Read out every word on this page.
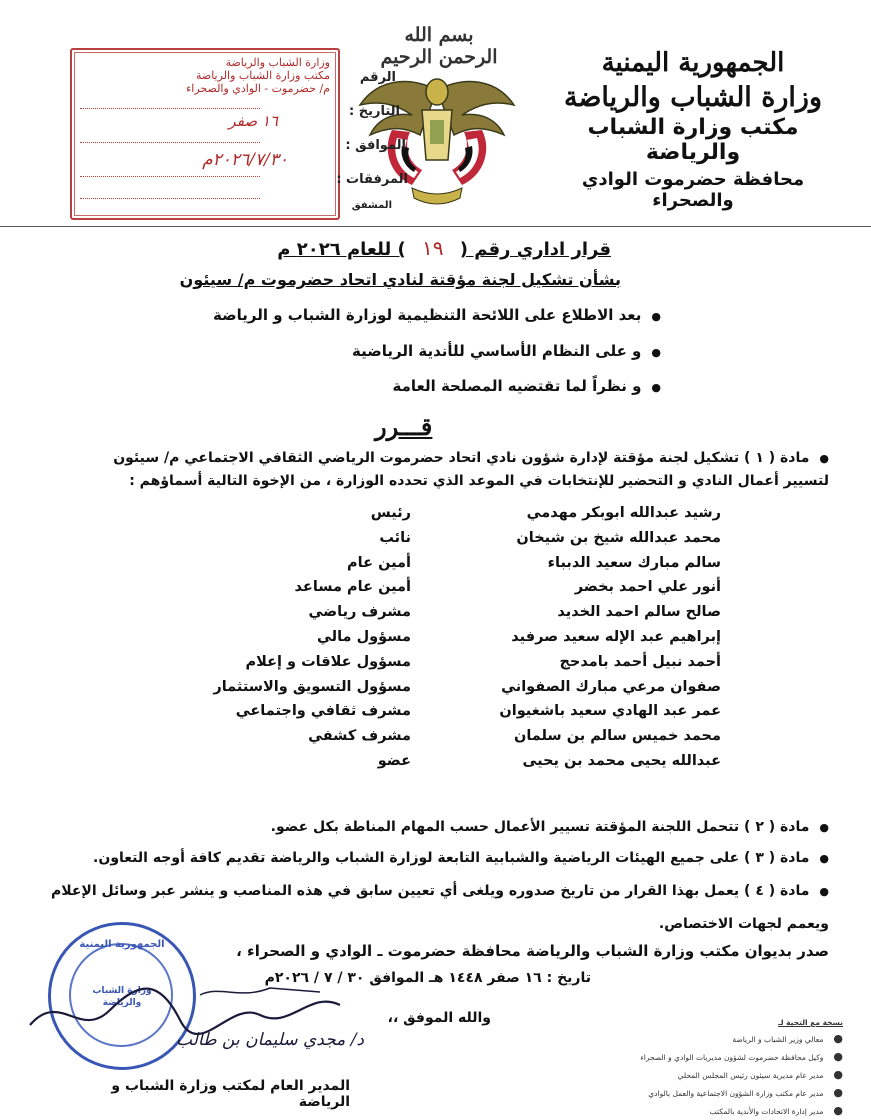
الجمهورية اليمنية
وزارة الشباب والرياضة
مكتب وزارة الشباب والرياضة
محافظة حضرموت الوادي والصحراء
بسم الله الرحمن الرحيم
وزارة الشباب والرياضة
مكتب وزارة الشباب والرياضة
م/ حضرموت - الوادي والصحراء
الرقم
التاريخ :
١٦ صفر
الموافق :
٢٠٢٦/٧/٣٠م
المرفقات :
المشفق
قرار اداري رقم ( ١٩ ) للعام ٢٠٢٦ م
بشأن تشكيل لجنة مؤقتة لنادي اتحاد حضرموت م/ سيئون
● بعد الاطلاع على اللائحة التنظيمية لوزارة الشباب و الرياضة
● و على النظام الأساسي للأندية الرياضية
● و نظراً لما تقتضيه المصلحة العامة
قـــرر
● مادة ( ١ ) تشكيل لجنة مؤقتة لإدارة شؤون نادي اتحاد حضرموت الرياضي الثقافي الاجتماعي م/ سيئون
لتسيير أعمال النادي و التحضير للإنتخابات في الموعد الذي تحدده الوزارة ، من الإخوة التالية أسماؤهم :
رشيد عبدالله ابوبكر مهدمي
رئيس
محمد عبدالله شيخ بن شيخان
نائب
سالم مبارك سعيد الدبباء
أمين عام
أنور علي احمد بخضر
أمين عام مساعد
صالح سالم احمد الخديد
مشرف رياضي
إبراهيم عبد الإله سعيد صرفيد
مسؤول مالي
أحمد نبيل أحمد بامدحج
مسؤول علاقات و إعلام
صفوان مرعي مبارك الصفواني
مسؤول التسويق والاستثمار
عمر عبد الهادي سعيد باشغيوان
مشرف ثقافي واجتماعي
محمد خميس سالم بن سلمان
مشرف كشفي
عبدالله يحيى محمد بن يحيى
عضو
● مادة ( ٢ ) تتحمل اللجنة المؤقتة تسيير الأعمال حسب المهام المناطة بكل عضو.
● مادة ( ٣ ) على جميع الهيئات الرياضية والشبابية التابعة لوزارة الشباب والرياضة تقديم كافة أوجه التعاون.
● مادة ( ٤ ) يعمل بهذا القرار من تاريخ صدوره ويلغى أي تعيين سابق في هذه المناصب و ينشر عبر وسائل الإعلام
ويعمم لجهات الاختصاص.
صدر بديوان مكتب وزارة الشباب والرياضة محافظة حضرموت ـ الوادي و الصحراء ،
تاريخ : ١٦ صفر ١٤٤٨ هـ الموافق ٣٠ / ٧ / ٢٠٢٦م
والله الموفق ،،
الجمهورية اليمنية
وزارة الشباب والرياضة
د/ مجدي سليمان بن طالب
المدير العام لمكتب وزارة الشباب و الرياضة
نسخة مع التحية لـ
● معالي وزير الشباب و الرياضة
● وكيل محافظة حضرموت لشؤون مديريات الوادي و الصحراء
● مدير عام مديرية سيئون رئيس المجلس المحلي
● مدير عام مكتب وزارة الشؤون الاجتماعية والعمل بالوادي
● مدير إدارة الاتحادات والأندية بالمكتب
